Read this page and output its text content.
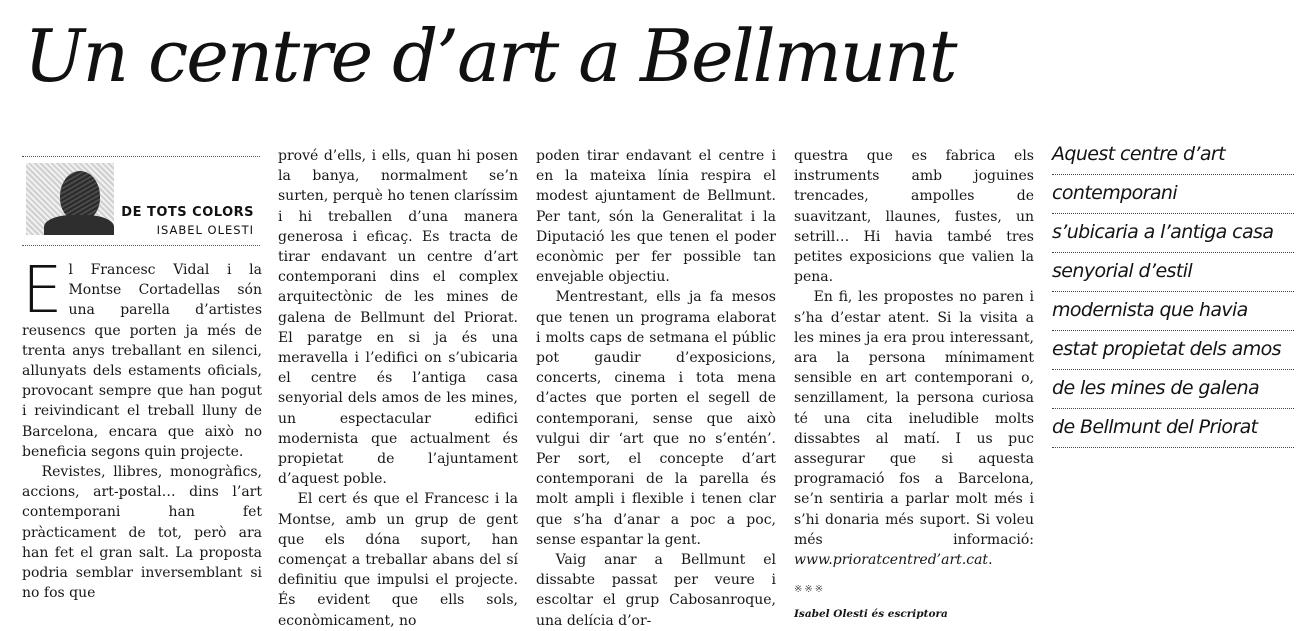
Un centre d’art a Bellmunt
DE TOTS COLORS
ISABEL OLESTI

E l Francesc Vidal i la Montse Cortadellas són una parella d’artistes reusencs que porten ja més de trenta anys treballant en silenci, allunyats dels estaments oficials, provocant sempre que han pogut i reivindicant el treball lluny de Barcelona, encara que això no beneficia segons quin projecte.

Revistes, llibres, monogràfics, accions, art-postal… dins l’art contemporani han fet pràcticament de tot, però ara han fet el gran salt. La proposta podria semblar inversemblant si no fos que

prové d’ells, i ells, quan hi posen la banya, normalment se’n surten, perquè ho tenen claríssim i hi treballen d’una manera generosa i eficaç. Es tracta de tirar endavant un centre d’art contemporani dins el complex arquitectònic de les mines de galena de Bellmunt del Priorat. El paratge en si ja és una meravella i l’edifici on s’ubicaria el centre és l’antiga casa senyorial dels amos de les mines, un espectacular edifici modernista que actualment és propietat de l’ajuntament d’aquest poble.

El cert és que el Francesc i la Montse, amb un grup de gent que els dóna suport, han començat a treballar abans del sí definitiu que impulsi el projecte. És evident que ells sols, econòmicament, no

poden tirar endavant el centre i en la mateixa línia respira el modest ajuntament de Bellmunt. Per tant, són la Generalitat i la Diputació les que tenen el poder econòmic per fer possible tan envejable objectiu.

Mentrestant, ells ja fa mesos que tenen un programa elaborat i molts caps de setmana el públic pot gaudir d’exposicions, concerts, cinema i tota mena d’actes que porten el segell de contemporani, sense que això vulgui dir ‘art que no s’entén’. Per sort, el concepte d’art contemporani de la parella és molt ampli i flexible i tenen clar que s’ha d’anar a poc a poc, sense espantar la gent.

Vaig anar a Bellmunt el dissabte passat per veure i escoltar el grup Cabosanroque, una delícia d’or-

questra que es fabrica els instruments amb joguines trencades, ampolles de suavitzant, llaunes, fustes, un setrill… Hi havia també tres petites exposicions que valien la pena.

En fi, les propostes no paren i s’ha d’estar atent. Si la visita a les mines ja era prou interessant, ara la persona mínimament sensible en art contemporani o, senzillament, la persona curiosa té una cita ineludible molts dissabtes al matí. I us puc assegurar que si aquesta programació fos a Barcelona, se’n sentiria a parlar molt més i s’hi donaria més suport. Si voleu més informació: www.prioratcentred’art.cat.

※※※
Isabel Olesti és escriptora
Aquest centre d’art
contemporani
s’ubicaria a l’antiga casa
senyorial d’estil
modernista que havia
estat propietat dels amos
de les mines de galena
de Bellmunt del Priorat
